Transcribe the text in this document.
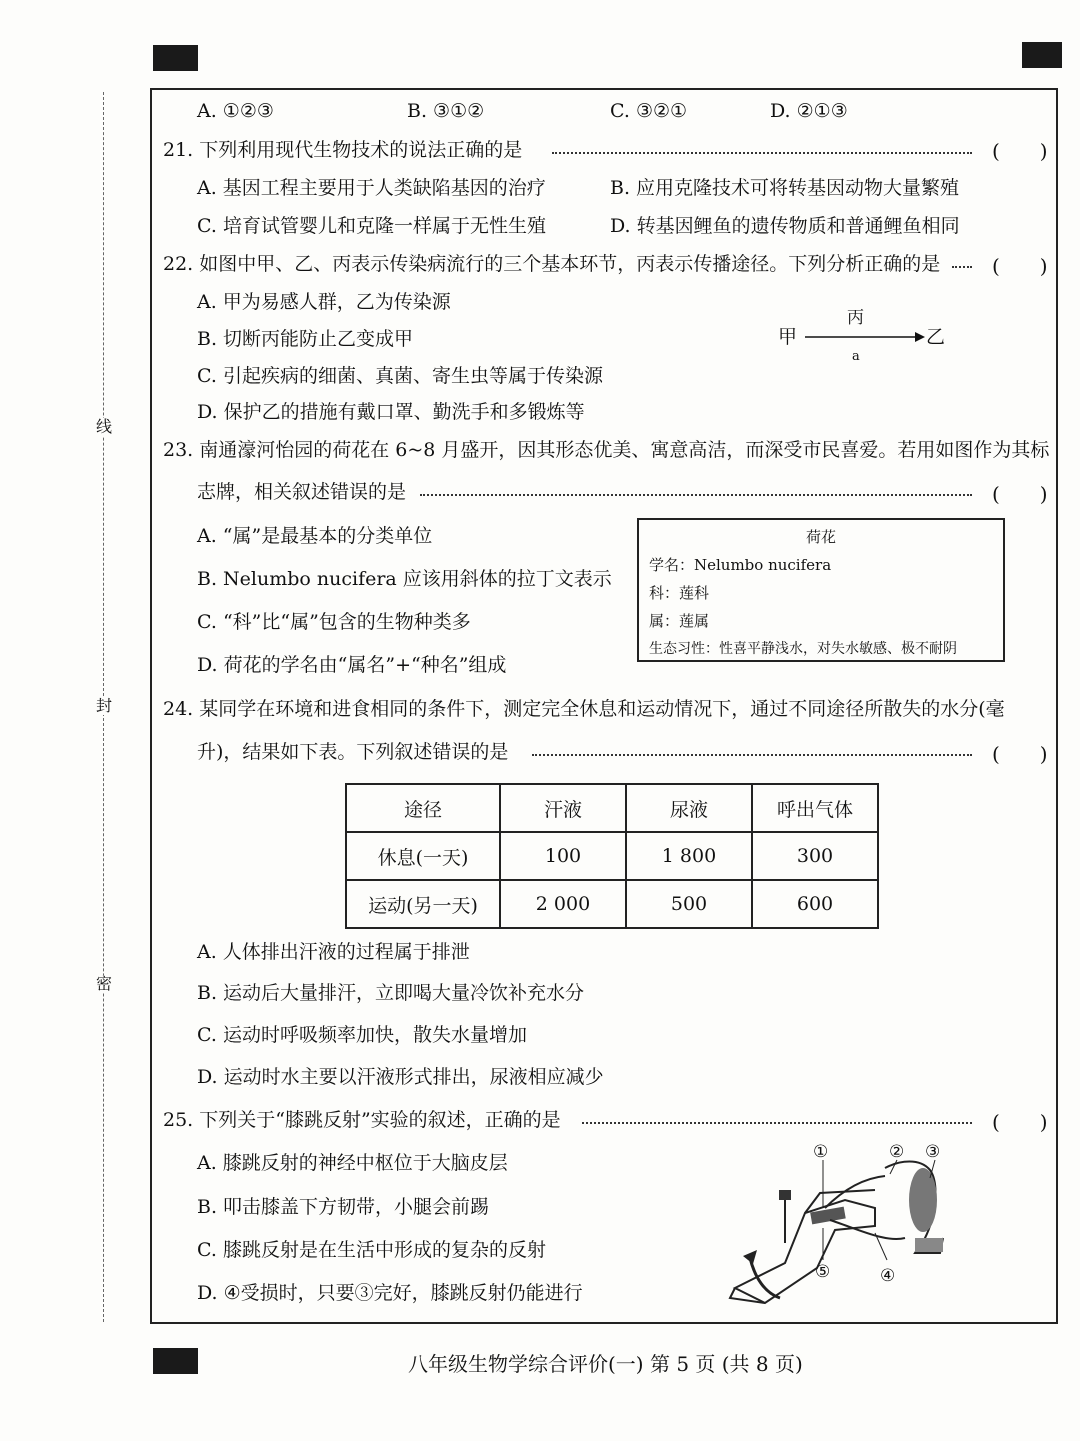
线
封
密
A. ①②③	B. ③①②	C. ③②①	D. ②①③
21. 下列利用现代生物技术的说法正确的是	(　　)
A. 基因工程主要用于人类缺陷基因的治疗	B. 应用克隆技术可将转基因动物大量繁殖
C. 培育试管婴儿和克隆一样属于无性生殖	D. 转基因鲤鱼的遗传物质和普通鲤鱼相同
22. 如图中甲、乙、丙表示传染病流行的三个基本环节，丙表示传播途径。下列分析正确的是	(　　)
A. 甲为易感人群，乙为传染源
B. 切断丙能防止乙变成甲
C. 引起疾病的细菌、真菌、寄生虫等属于传染源
D. 保护乙的措施有戴口罩、勤洗手和多锻炼等
甲
丙
a
乙
23. 南通濠河怡园的荷花在 6~8 月盛开，因其形态优美、寓意高洁，而深受市民喜爱。若用如图作为其标
志牌，相关叙述错误的是	(　　)
A. “属”是最基本的分类单位
B. Nelumbo nucifera 应该用斜体的拉丁文表示
C. “科”比“属”包含的生物种类多
D. 荷花的学名由“属名”+“种名”组成
荷花
学名：Nelumbo nucifera
科：莲科
属：莲属
生态习性：性喜平静浅水，对失水敏感、极不耐阴
24. 某同学在环境和进食相同的条件下，测定完全休息和运动情况下，通过不同途径所散失的水分(毫
升)，结果如下表。下列叙述错误的是	(　　)
途径	汗液	尿液	呼出气体
休息(一天)	100	1 800	300
运动(另一天)	2 000	500	600
A. 人体排出汗液的过程属于排泄
B. 运动后大量排汗，立即喝大量冷饮补充水分
C. 运动时呼吸频率加快，散失水量增加
D. 运动时水主要以汗液形式排出，尿液相应减少
25. 下列关于“膝跳反射”实验的叙述，正确的是	(　　)
A. 膝跳反射的神经中枢位于大脑皮层
B. 叩击膝盖下方韧带，小腿会前踢
C. 膝跳反射是在生活中形成的复杂的反射
D. ④受损时，只要③完好，膝跳反射仍能进行
①	② ③
④
⑤
八年级生物学综合评价(一) 第 5 页 (共 8 页)
